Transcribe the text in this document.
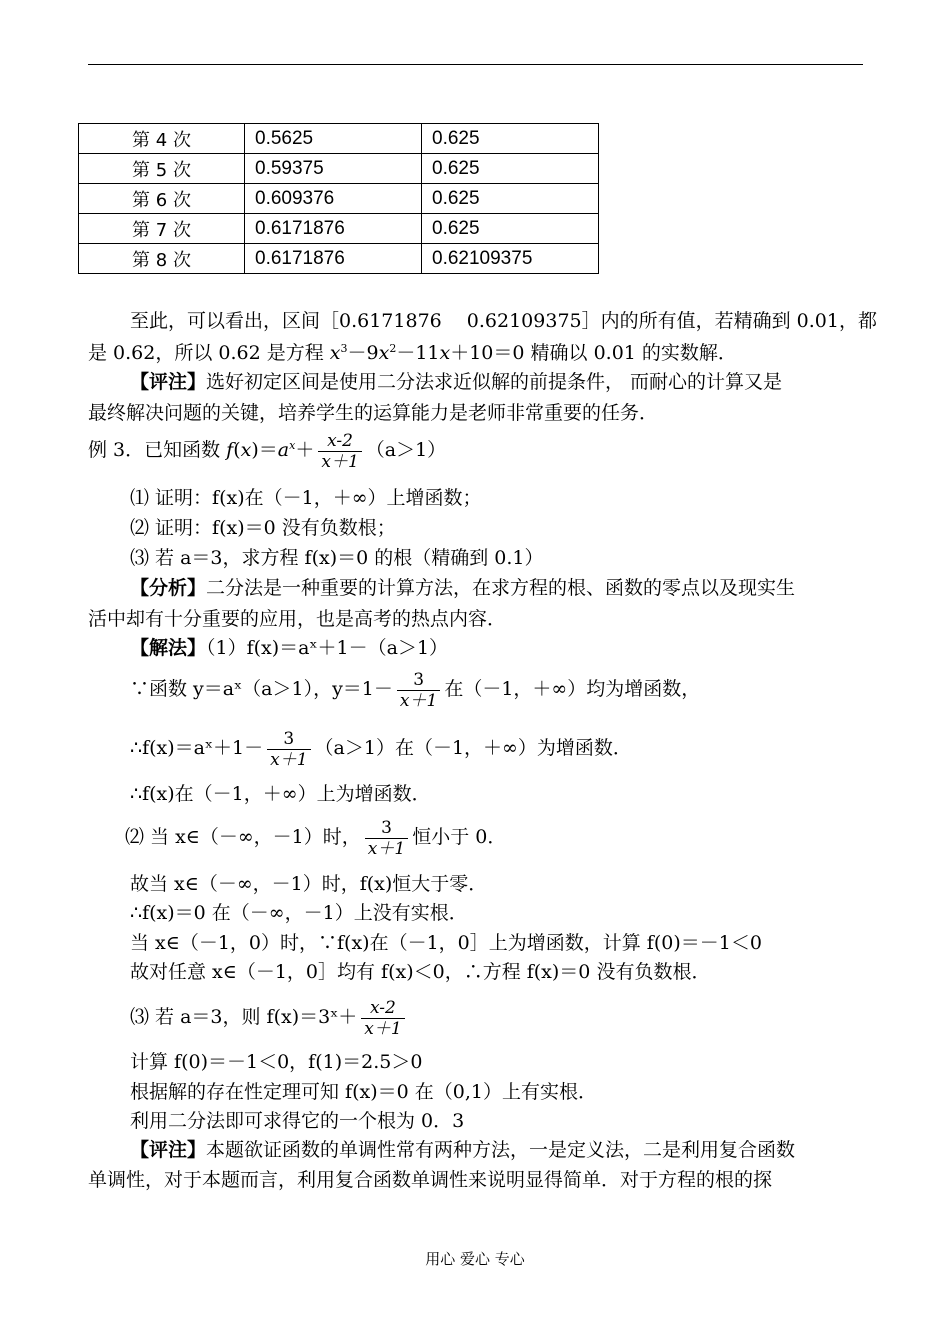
第 4 次	0.5625	0.625
第 5 次	0.59375	0.625
第 6 次	0.609376	0.625
第 7 次	0.6171876	0.625
第 8 次	0.6171876	0.62109375
至此，可以看出，区间［0.6171876　 0.62109375］内的所有值，若精确到 0.01，都
是 0.62，所以 0.62 是方程 $x^3-9x^2-11x+10=0$ 精确以 0.01 的实数解．
【评注】选好初定区间是使用二分法求近似解的前提条件， 而耐心的计算又是
最终解决问题的关键，培养学生的运算能力是老师非常重要的任务．
例 3．已知函数 $f(x)=a^x+ \frac{x-2}{x+1} (a>1)$
⑴ 证明：f(x)在（－1，＋∞）上增函数；
⑵ 证明：f(x)＝0 没有负数根；
⑶ 若 a＝3，求方程 f(x)＝0 的根（精确到 0.1）
【分析】二分法是一种重要的计算方法，在求方程的根、函数的零点以及现实生
活中却有十分重要的应用，也是高考的热点内容．
【解法】（1）f(x)＝aˣ＋1－（a＞1）
∵函数 y＝aˣ（a＞1），$y=1- \frac{3}{x+1}$ 在（－1，＋∞）均为增函数，
∴f(x)＝aˣ＋1－ $\frac{3}{x+1} (a>1)$在（－1，＋∞）为增函数．
∴f(x)在（－1，＋∞）上为增函数．
⑵ 当 x∈（－∞，－1）时， $\frac{3}{x+1}$ 恒小于 0．
故当 x∈（－∞，－1）时，f(x)恒大于零．
∴f(x)＝0 在（－∞，－1）上没有实根．
当 x∈（－1，0）时，∵f(x)在（－1，0］上为增函数，计算 f(0)＝－1＜0
故对任意 x∈（－1，0］均有 f(x)＜0，∴方程 f(x)＝0 没有负数根．
⑶ 若 a＝3，则 f(x)＝3ˣ＋ $\frac{x-2}{x+1}$
计算 f(0)＝－1＜0，f(1)＝2.5＞0
根据解的存在性定理可知 f(x)＝0 在（0,1）上有实根．
利用二分法即可求得它的一个根为 0．3
【评注】本题欲证函数的单调性常有两种方法，一是定义法，二是利用复合函数
单调性，对于本题而言，利用复合函数单调性来说明显得简单．对于方程的根的探
用心 爱心 专心
